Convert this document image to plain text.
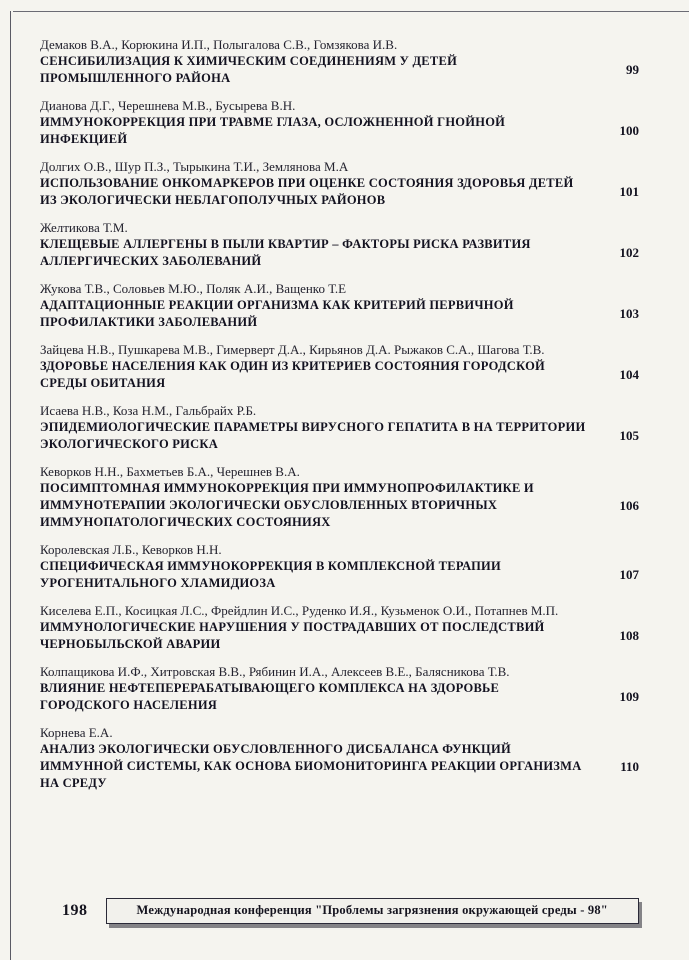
Демаков В.А., Корюкина И.П., Полыгалова С.В., Гомзякова И.В.
СЕНСИБИЛИЗАЦИЯ К ХИМИЧЕСКИМ СОЕДИНЕНИЯМ У ДЕТЕЙ ПРОМЫШЛЕННОГО РАЙОНА
99
Дианова Д.Г., Черешнева М.В., Бусырева В.Н.
ИММУНОКОРРЕКЦИЯ ПРИ ТРАВМЕ ГЛАЗА, ОСЛОЖНЕННОЙ ГНОЙНОЙ ИНФЕКЦИЕЙ
100
Долгих О.В., Шур П.З., Тырыкина Т.И., Землянова М.А
ИСПОЛЬЗОВАНИЕ ОНКОМАРКЕРОВ ПРИ ОЦЕНКЕ СОСТОЯНИЯ ЗДОРОВЬЯ ДЕТЕЙ ИЗ ЭКОЛОГИЧЕСКИ НЕБЛАГОПОЛУЧНЫХ РАЙОНОВ
101
Желтикова Т.М.
КЛЕЩЕВЫЕ АЛЛЕРГЕНЫ В ПЫЛИ КВАРТИР – ФАКТОРЫ РИСКА РАЗВИТИЯ АЛЛЕРГИЧЕСКИХ ЗАБОЛЕВАНИЙ
102
Жукова Т.В., Соловьев М.Ю., Поляк А.И., Ващенко Т.Е
АДАПТАЦИОННЫЕ РЕАКЦИИ ОРГАНИЗМА КАК КРИТЕРИЙ ПЕРВИЧНОЙ ПРОФИЛАКТИКИ ЗАБОЛЕВАНИЙ
103
Зайцева Н.В., Пушкарева М.В., Гимерверт Д.А., Кирьянов Д.А. Рыжаков С.А., Шагова Т.В.
ЗДОРОВЬЕ НАСЕЛЕНИЯ КАК ОДИН ИЗ КРИТЕРИЕВ СОСТОЯНИЯ ГОРОДСКОЙ СРЕДЫ ОБИТАНИЯ
104
Исаева Н.В., Коза Н.М., Гальбрайх Р.Б.
ЭПИДЕМИОЛОГИЧЕСКИЕ ПАРАМЕТРЫ ВИРУСНОГО ГЕПАТИТА В НА ТЕРРИТОРИИ ЭКОЛОГИЧЕСКОГО РИСКА
105
Кеворков Н.Н., Бахметьев Б.А., Черешнев В.А.
ПОСИМПТОМНАЯ ИММУНОКОРРЕКЦИЯ ПРИ ИММУНОПРОФИЛАКТИКЕ И ИММУНОТЕРАПИИ ЭКОЛОГИЧЕСКИ ОБУСЛОВЛЕННЫХ ВТОРИЧНЫХ ИММУНОПАТОЛОГИЧЕСКИХ СОСТОЯНИЯХ
106
Королевская Л.Б., Кеворков Н.Н.
СПЕЦИФИЧЕСКАЯ ИММУНОКОРРЕКЦИЯ В КОМПЛЕКСНОЙ ТЕРАПИИ УРОГЕНИТАЛЬНОГО ХЛАМИДИОЗА
107
Киселева Е.П., Косицкая Л.С., Фрейдлин И.С., Руденко И.Я., Кузьменок О.И., Потапнев М.П.
ИММУНОЛОГИЧЕСКИЕ НАРУШЕНИЯ У ПОСТРАДАВШИХ ОТ ПОСЛЕДСТВИЙ ЧЕРНОБЫЛЬСКОЙ АВАРИИ
108
Колпащикова И.Ф., Хитровская В.В., Рябинин И.А., Алексеев В.Е., Балясникова Т.В.
ВЛИЯНИЕ НЕФТЕПЕРЕРАБАТЫВАЮЩЕГО КОМПЛЕКСА НА ЗДОРОВЬЕ ГОРОДСКОГО НАСЕЛЕНИЯ
109
Корнева Е.А.
АНАЛИЗ ЭКОЛОГИЧЕСКИ ОБУСЛОВЛЕННОГО ДИСБАЛАНСА ФУНКЦИЙ ИММУННОЙ СИСТЕМЫ, КАК ОСНОВА БИОМОНИТОРИНГА РЕАКЦИИ ОРГАНИЗМА НА СРЕДУ
110
198	Международная конференция "Проблемы загрязнения окружающей среды - 98"
